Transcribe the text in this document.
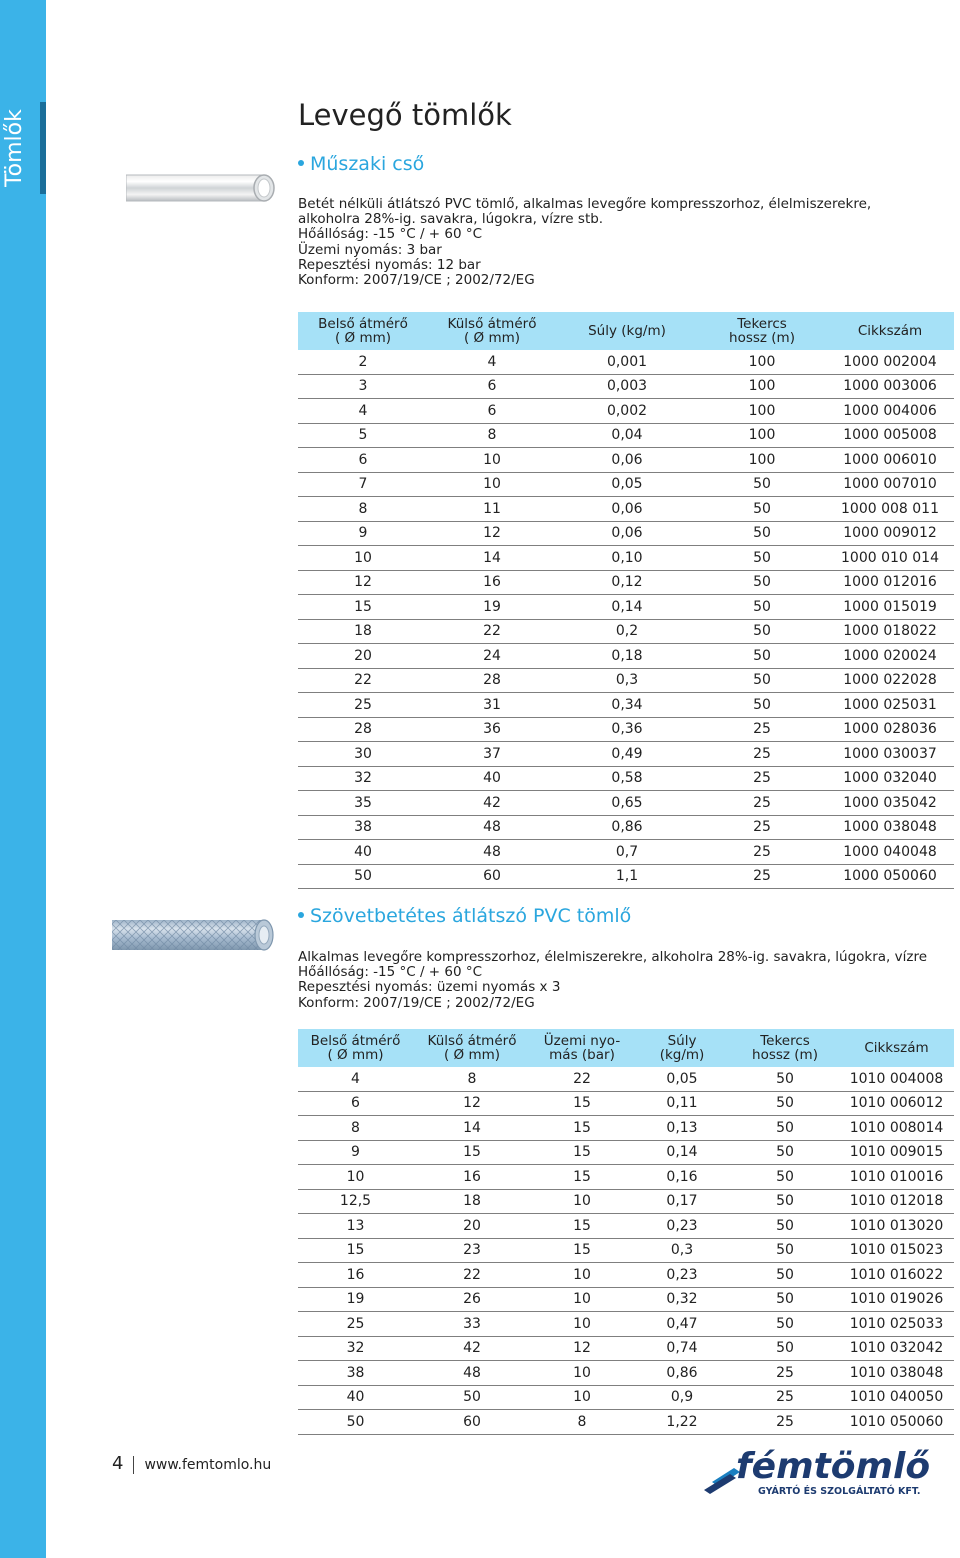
Tömlők	Levegő tömlők
Műszaki cső
Betét nélküli átlátszó PVC tömlő, alkalmas levegőre kompresszorhoz, élelmiszerekre,
alkoholra 28%-ig. savakra, lúgokra, vízre stb.
Hőállóság: -15 °C / + 60 °C
Üzemi nyomás: 3 bar
Repesztési nyomás: 12 bar
Konform: 2007/19/CE ; 2002/72/EG
Belső átmérő
( Ø mm)	Külső átmérő
( Ø mm)	Súly (kg/m)	Tekercs
hossz (m)	Cikkszám
2	4	0,001	100	1000 002004
3	6	0,003	100	1000 003006
4	6	0,002	100	1000 004006
5	8	0,04	100	1000 005008
6	10	0,06	100	1000 006010
7	10	0,05	50	1000 007010
8	11	0,06	50	1000 008 011
9	12	0,06	50	1000 009012
10	14	0,10	50	1000 010 014
12	16	0,12	50	1000 012016
15	19	0,14	50	1000 015019
18	22	0,2	50	1000 018022
20	24	0,18	50	1000 020024
22	28	0,3	50	1000 022028
25	31	0,34	50	1000 025031
28	36	0,36	25	1000 028036
30	37	0,49	25	1000 030037
32	40	0,58	25	1000 032040
35	42	0,65	25	1000 035042
38	48	0,86	25	1000 038048
40	48	0,7	25	1000 040048
50	60	1,1	25	1000 050060
Szövetbetétes átlátszó PVC tömlő
Alkalmas levegőre kompresszorhoz, élelmiszerekre, alkoholra 28%-ig. savakra, lúgokra, vízre
Hőállóság: -15 °C / + 60 °C
Repesztési nyomás: üzemi nyomás x 3
Konform: 2007/19/CE ; 2002/72/EG
Belső átmérő
( Ø mm)	Külső átmérő
( Ø mm)	Üzemi nyo-
más (bar)	Súly
(kg/m)	Tekercs
hossz (m)	Cikkszám
4	8	22	0,05	50	1010 004008
6	12	15	0,11	50	1010 006012
8	14	15	0,13	50	1010 008014
9	15	15	0,14	50	1010 009015
10	16	15	0,16	50	1010 010016
12,5	18	10	0,17	50	1010 012018
13	20	15	0,23	50	1010 013020
15	23	15	0,3	50	1010 015023
16	22	10	0,23	50	1010 016022
19	26	10	0,32	50	1010 019026
25	33	10	0,47	50	1010 025033
32	42	12	0,74	50	1010 032042
38	48	10	0,86	25	1010 038048
40	50	10	0,9	25	1010 040050
50	60	8	1,22	25	1010 050060
4 www.femtomlo.hu	fémtömlő
GYÁRTÓ ÉS SZOLGÁLTATÓ KFT.
